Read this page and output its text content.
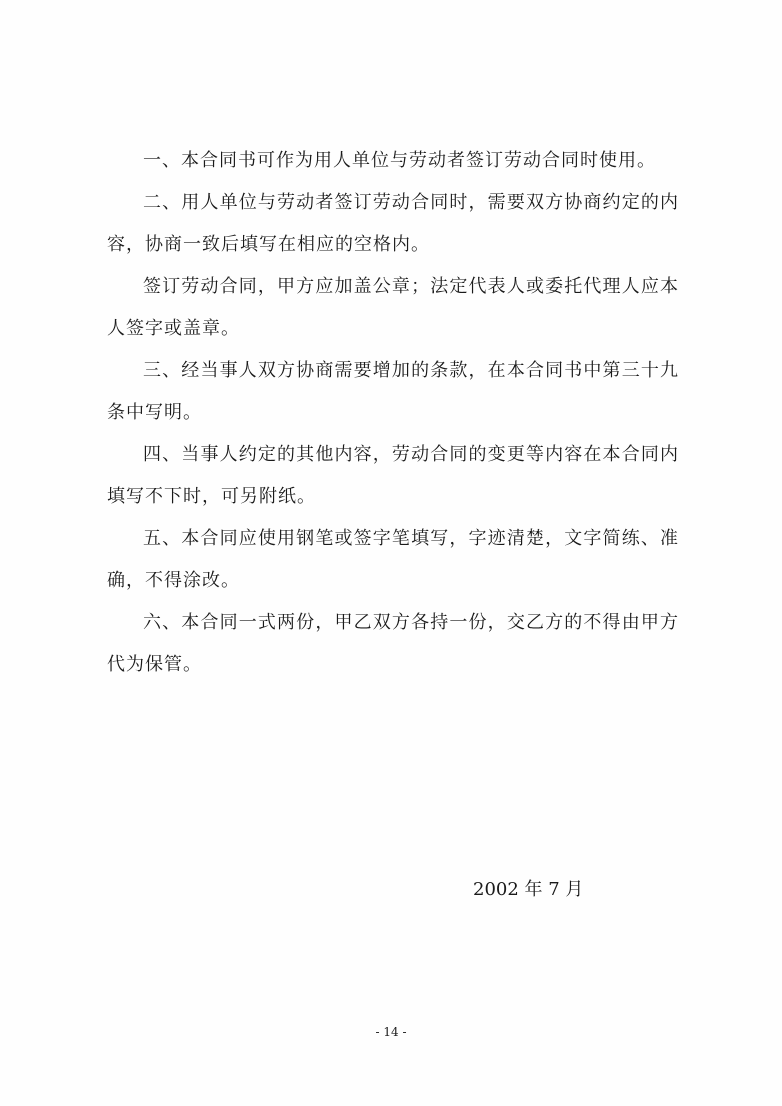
一、本合同书可作为用人单位与劳动者签订劳动合同时使用。

二、用人单位与劳动者签订劳动合同时，需要双方协商约定的内容，协商一致后填写在相应的空格内。

签订劳动合同，甲方应加盖公章；法定代表人或委托代理人应本人签字或盖章。

三、经当事人双方协商需要增加的条款，在本合同书中第三十九条中写明。

四、当事人约定的其他内容，劳动合同的变更等内容在本合同内填写不下时，可另附纸。

五、本合同应使用钢笔或签字笔填写，字迹清楚，文字简练、准确，不得涂改。

六、本合同一式两份，甲乙双方各持一份，交乙方的不得由甲方代为保管。

2002 年 7 月
- 14 -
